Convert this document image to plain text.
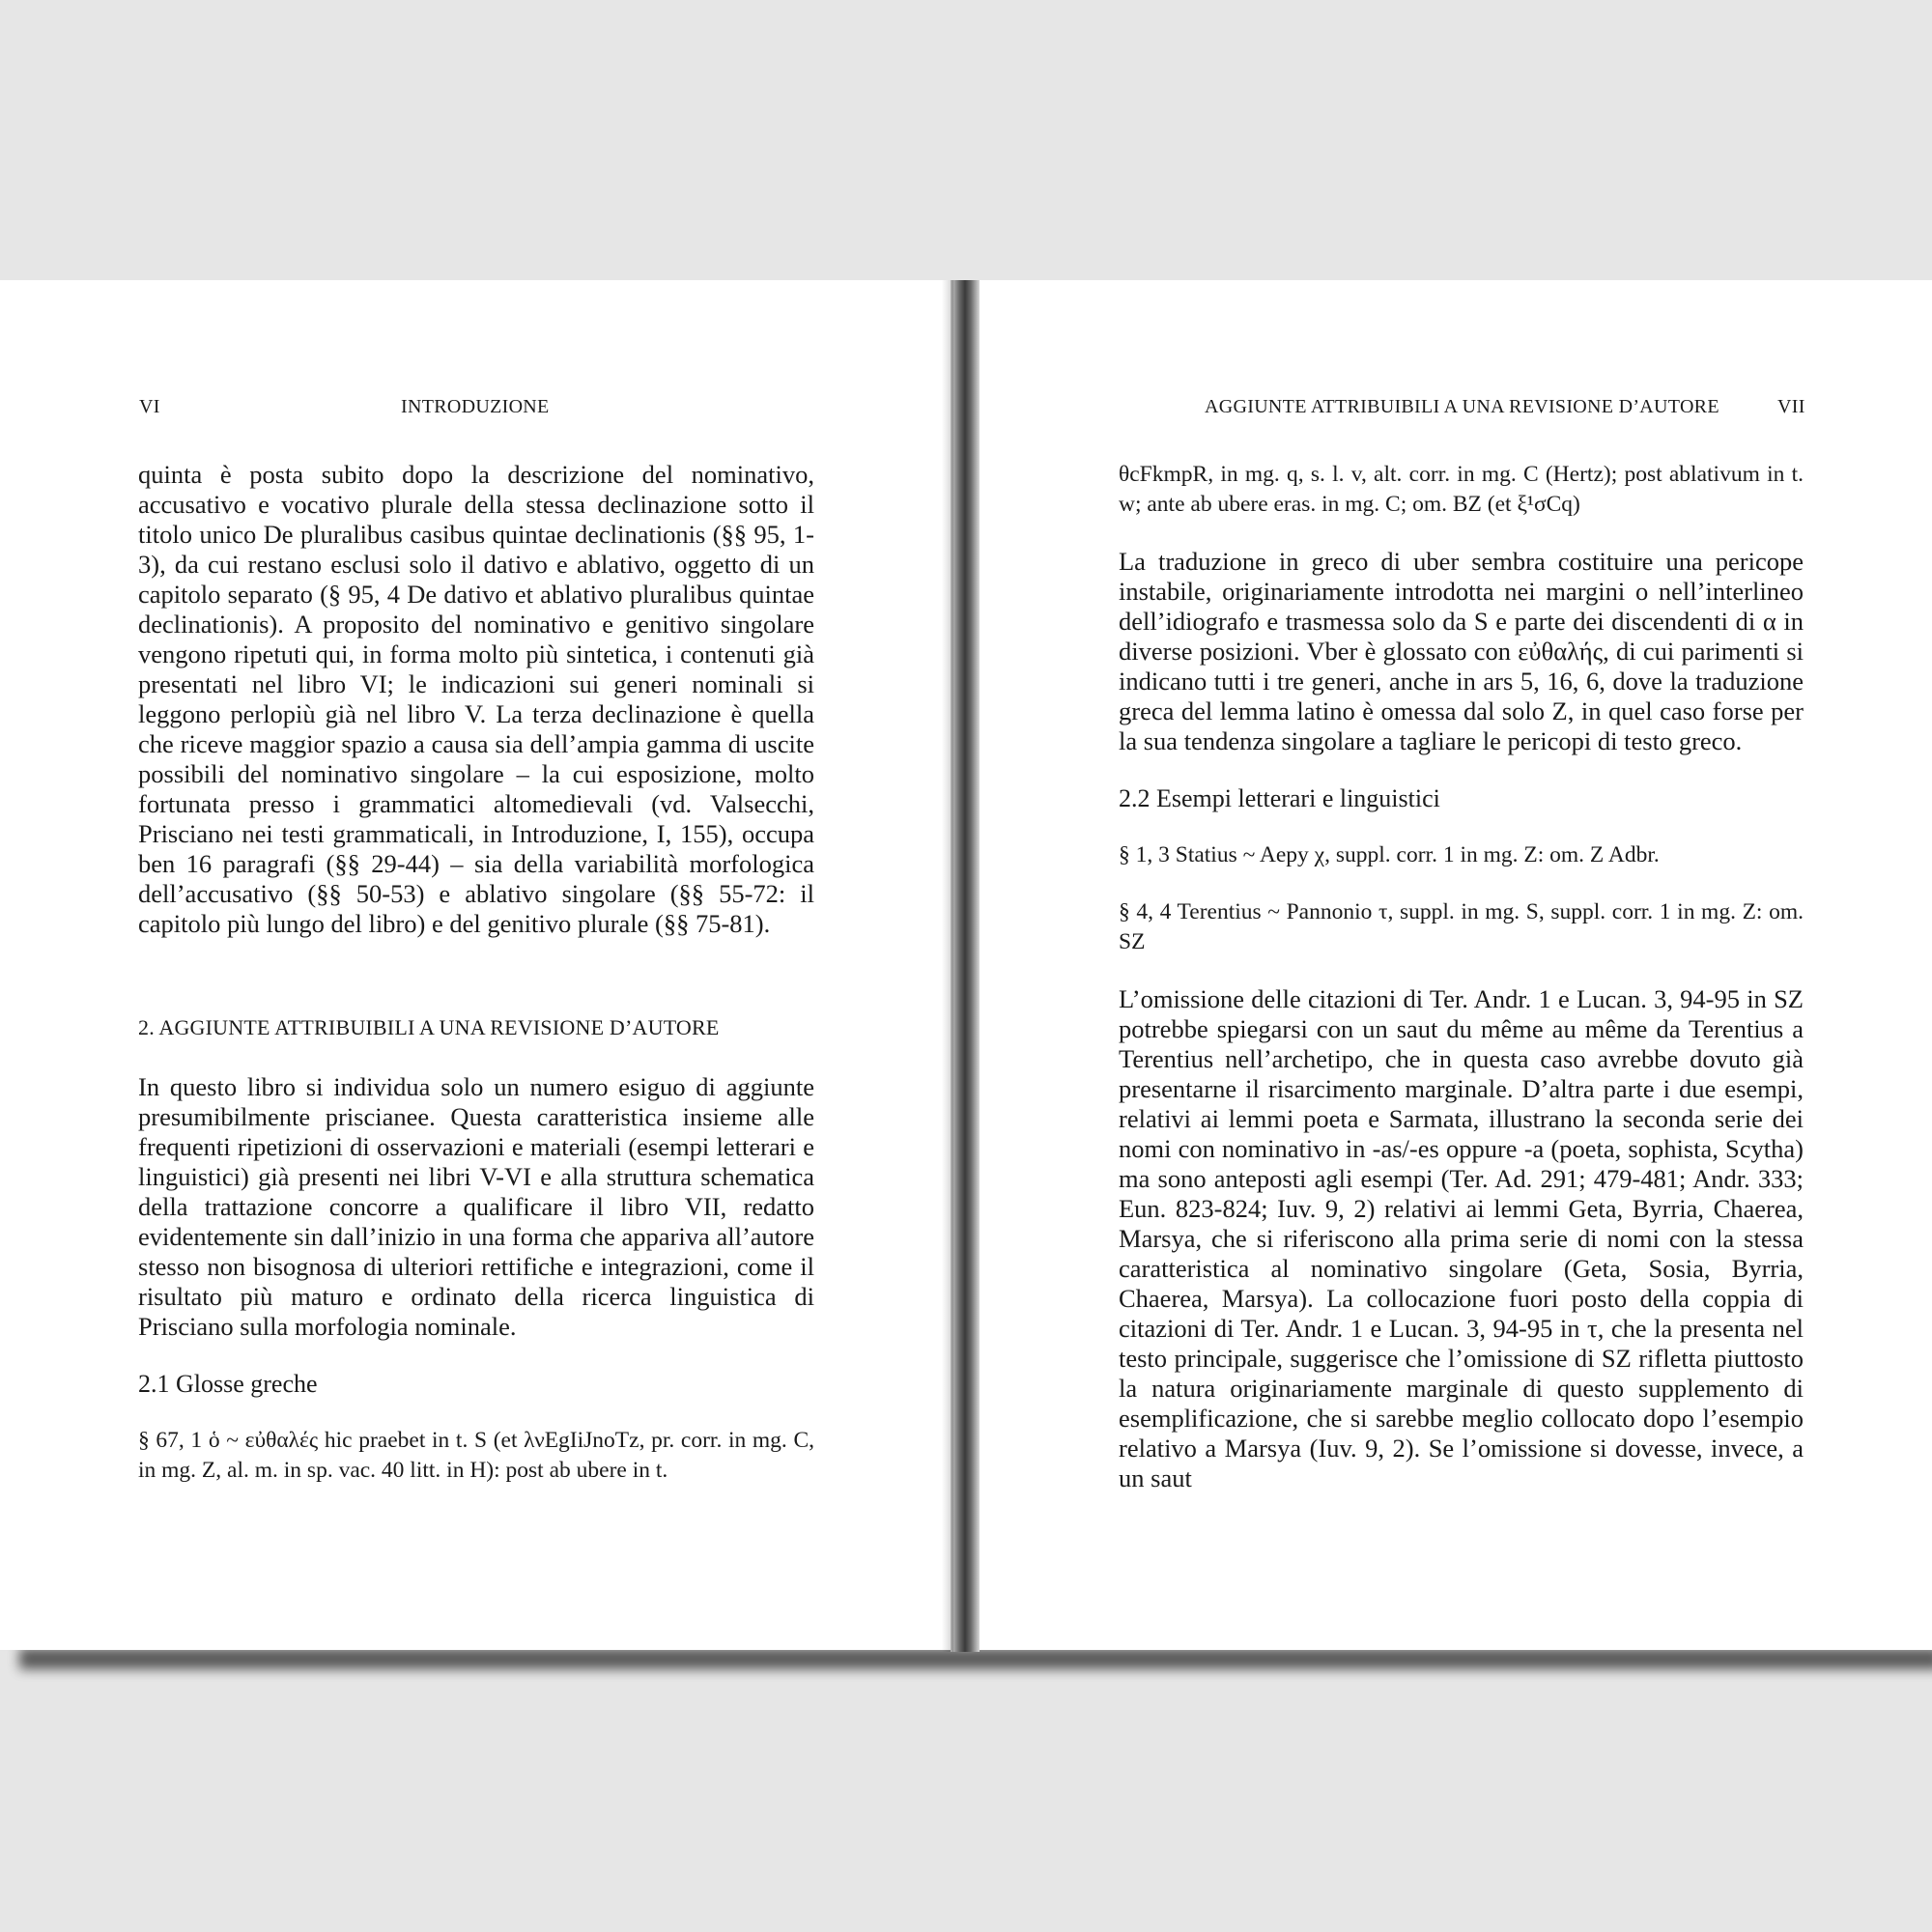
VI	INTRODUZIONE

quinta è posta subito dopo la descrizione del nominativo, accusativo e vocativo plurale della stessa declinazione sotto il titolo unico De pluralibus casibus quintae declinationis (§§ 95, 1-3), da cui restano esclusi solo il dativo e ablativo, oggetto di un capitolo separato (§ 95, 4 De dativo et ablativo pluralibus quintae declinationis). A proposito del nominativo e genitivo singolare vengono ripetuti qui, in forma molto più sintetica, i contenuti già presentati nel libro VI; le indicazioni sui generi nominali si leggono perlopiù già nel libro V. La terza declinazione è quella che riceve maggior spazio a causa sia dell’ampia gamma di uscite possibili del nominativo singolare – la cui esposizione, molto fortunata presso i grammatici altomedievali (vd. Valsecchi, Prisciano nei testi grammaticali, in Introduzione, I, 155), occupa ben 16 paragrafi (§§ 29-44) – sia della variabilità morfologica dell’accusativo (§§ 50-53) e ablativo singolare (§§ 55-72: il capitolo più lungo del libro) e del genitivo plurale (§§ 75-81).

2. AGGIUNTE ATTRIBUIBILI A UNA REVISIONE D’AUTORE

In questo libro si individua solo un numero esiguo di aggiunte presumibilmente priscianee. Questa caratteristica insieme alle frequenti ripetizioni di osservazioni e materiali (esempi letterari e linguistici) già presenti nei libri V-VI e alla struttura schematica della trattazione concorre a qualificare il libro VII, redatto evidentemente sin dall’inizio in una forma che appariva all’autore stesso non bisognosa di ulteriori rettifiche e integrazioni, come il risultato più maturo e ordinato della ricerca linguistica di Prisciano sulla morfologia nominale.

2.1 Glosse greche

§ 67, 1 ὁ ~ εὐθαλές hic praebet in t. S (et λνEgIiJnoTz, pr. corr. in mg. C, in mg. Z, al. m. in sp. vac. 40 litt. in H): post ab ubere in t.

AGGIUNTE ATTRIBUIBILI A UNA REVISIONE D’AUTORE	VII

θcFkmpR, in mg. q, s. l. v, alt. corr. in mg. C (Hertz); post ablativum in t. w; ante ab ubere eras. in mg. C; om. BZ (et ξ¹σCq)

La traduzione in greco di uber sembra costituire una pericope instabile, originariamente introdotta nei margini o nell’interlineo dell’idiografo e trasmessa solo da S e parte dei discendenti di α in diverse posizioni. Vber è glossato con εὐθαλής, di cui parimenti si indicano tutti i tre generi, anche in ars 5, 16, 6, dove la traduzione greca del lemma latino è omessa dal solo Z, in quel caso forse per la sua tendenza singolare a tagliare le pericopi di testo greco.

2.2 Esempi letterari e linguistici

§ 1, 3 Statius ~ Aepy χ, suppl. corr. 1 in mg. Z: om. Z Adbr.

§ 4, 4 Terentius ~ Pannonio τ, suppl. in mg. S, suppl. corr. 1 in mg. Z: om. SZ

L’omissione delle citazioni di Ter. Andr. 1 e Lucan. 3, 94-95 in SZ potrebbe spiegarsi con un saut du même au même da Terentius a Terentius nell’archetipo, che in questa caso avrebbe dovuto già presentarne il risarcimento marginale. D’altra parte i due esempi, relativi ai lemmi poeta e Sarmata, illustrano la seconda serie dei nomi con nominativo in -as/-es oppure -a (poeta, sophista, Scytha) ma sono anteposti agli esempi (Ter. Ad. 291; 479-481; Andr. 333; Eun. 823-824; Iuv. 9, 2) relativi ai lemmi Geta, Byrria, Chaerea, Marsya, che si riferiscono alla prima serie di nomi con la stessa caratteristica al nominativo singolare (Geta, Sosia, Byrria, Chaerea, Marsya). La collocazione fuori posto della coppia di citazioni di Ter. Andr. 1 e Lucan. 3, 94-95 in τ, che la presenta nel testo principale, suggerisce che l’omissione di SZ rifletta piuttosto la natura originariamente marginale di questo supplemento di esemplificazione, che si sarebbe meglio collocato dopo l’esempio relativo a Marsya (Iuv. 9, 2). Se l’omissione si dovesse, invece, a un saut
